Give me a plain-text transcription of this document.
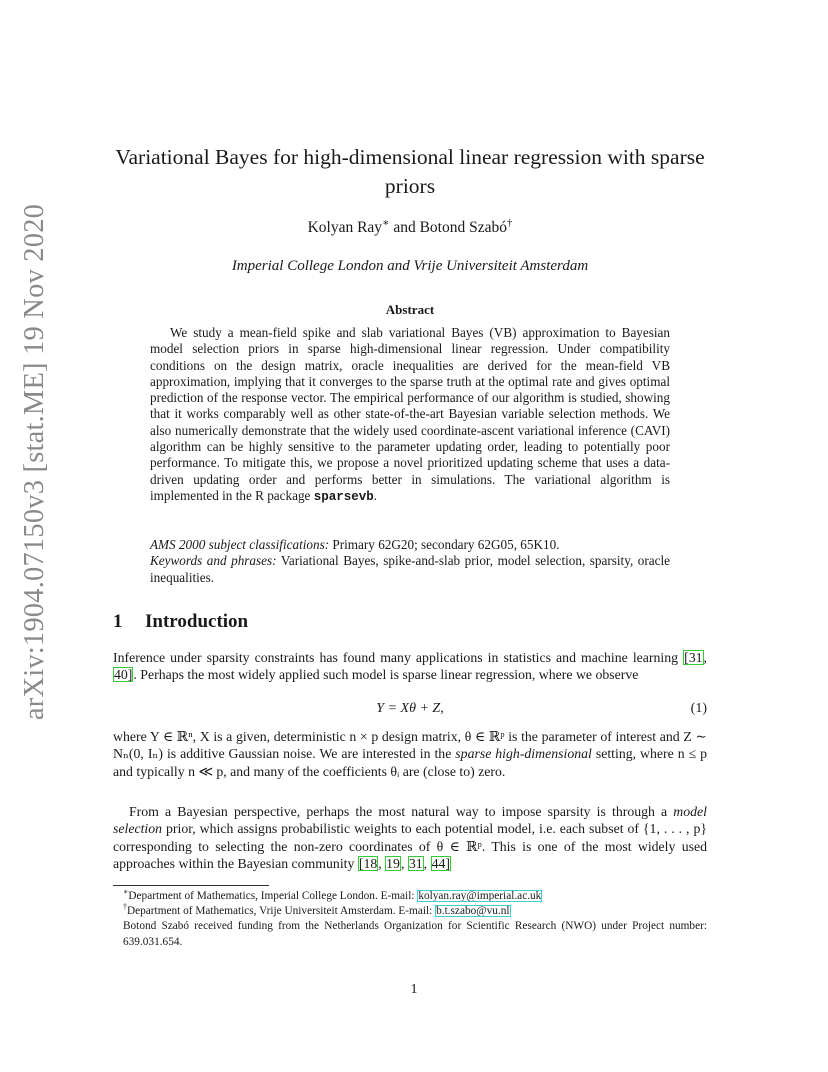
arXiv:1904.07150v3 [stat.ME] 19 Nov 2020
Variational Bayes for high-dimensional linear regression with sparse priors
Kolyan Ray∗ and Botond Szabó†
Imperial College London and Vrije Universiteit Amsterdam
Abstract

We study a mean-field spike and slab variational Bayes (VB) approximation to Bayesian model selection priors in sparse high-dimensional linear regression. Under compatibility conditions on the design matrix, oracle inequalities are derived for the mean-field VB approximation, implying that it converges to the sparse truth at the optimal rate and gives optimal prediction of the response vector. The empirical performance of our algorithm is studied, showing that it works comparably well as other state-of-the-art Bayesian variable selection methods. We also numerically demonstrate that the widely used coordinate-ascent variational inference (CAVI) algorithm can be highly sensitive to the parameter updating order, leading to potentially poor performance. To mitigate this, we propose a novel prioritized updating scheme that uses a data-driven updating order and performs better in simulations. The variational algorithm is implemented in the R package sparsevb.

AMS 2000 subject classifications: Primary 62G20; secondary 62G05, 65K10.

Keywords and phrases: Variational Bayes, spike-and-slab prior, model selection, sparsity, oracle inequalities.

1 Introduction

Inference under sparsity constraints has found many applications in statistics and machine learning [31, 40]. Perhaps the most widely applied such model is sparse linear regression, where we observe

Y = Xθ + Z,	(1)

where Y ∈ ℝⁿ, X is a given, deterministic n × p design matrix, θ ∈ ℝᵖ is the parameter of interest and Z ∼ Nₙ(0, Iₙ) is additive Gaussian noise. We are interested in the sparse high-dimensional setting, where n ≤ p and typically n ≪ p, and many of the coefficients θᵢ are (close to) zero.

From a Bayesian perspective, perhaps the most natural way to impose sparsity is through a model selection prior, which assigns probabilistic weights to each potential model, i.e. each subset of {1, . . . , p} corresponding to selecting the non-zero coordinates of θ ∈ ℝᵖ. This is one of the most widely used approaches within the Bayesian community [18, 19, 31, 44]

∗Department of Mathematics, Imperial College London. E-mail: kolyan.ray@imperial.ac.uk

†Department of Mathematics, Vrije Universiteit Amsterdam. E-mail: b.t.szabo@vu.nl

Botond Szabó received funding from the Netherlands Organization for Scientific Research (NWO) under Project number: 639.031.654.

1
